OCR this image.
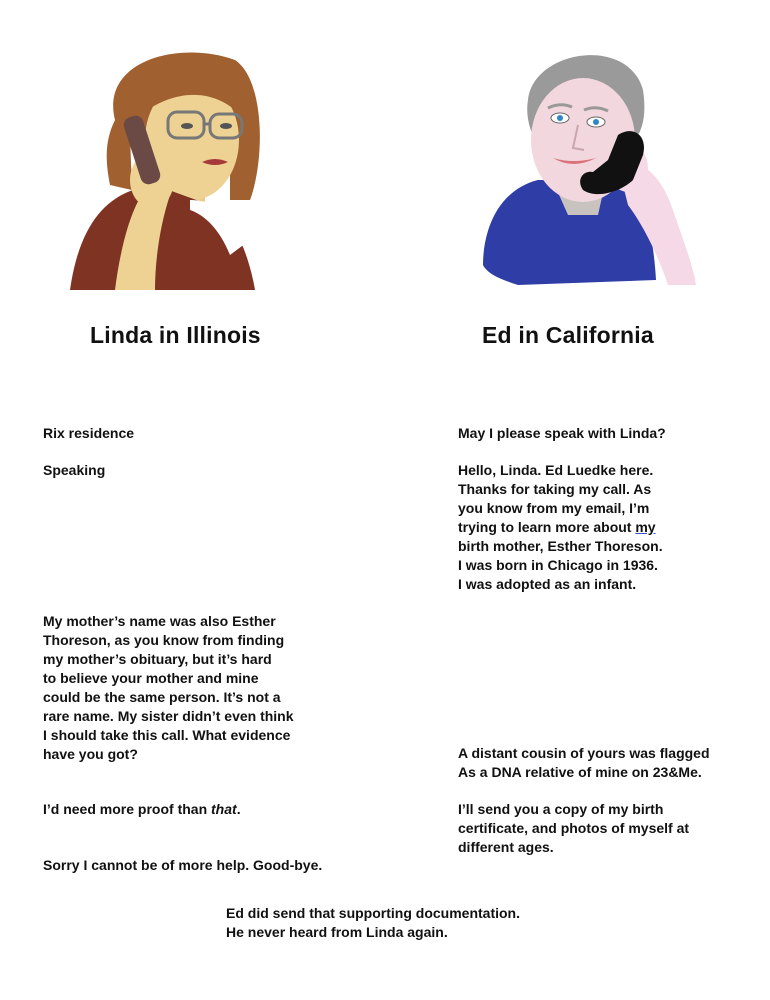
Linda in Illinois	Ed in California

Rix residence

Speaking

My mother’s name was also Esther
Thoreson, as you know from finding
my mother’s obituary, but it’s hard
to believe your mother and mine
could be the same person. It’s not a
rare name. My sister didn’t even think
I should take this call. What evidence
have you got?

I’d need more proof than that.

Sorry I cannot be of more help. Good-bye.

May I please speak with Linda?

Hello, Linda. Ed Luedke here.
Thanks for taking my call. As
you know from my email, I’m
trying to learn more about my
birth mother, Esther Thoreson.
I was born in Chicago in 1936.
I was adopted as an infant.

A distant cousin of yours was flagged
As a DNA relative of mine on 23&Me.

I’ll send you a copy of my birth
certificate, and photos of myself at
different ages.

Ed did send that supporting documentation.
He never heard from Linda again.
